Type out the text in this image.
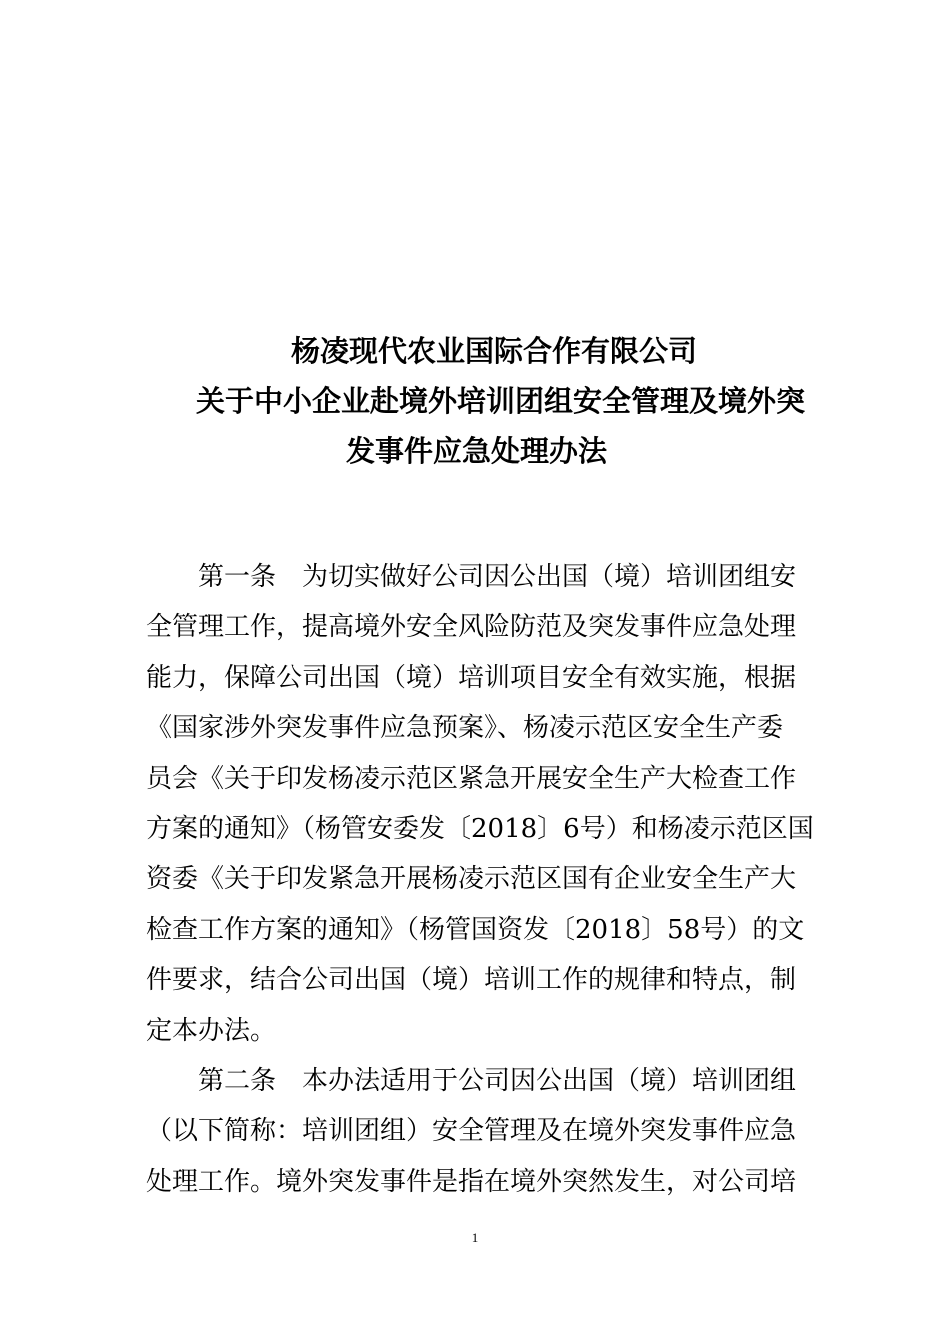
杨凌现代农业国际合作有限公司
关于中小企业赴境外培训团组安全管理及境外突
发事件应急处理办法
第一条　为切实做好公司因公出国（境）培训团组安
全管理工作，提高境外安全风险防范及突发事件应急处理
能力，保障公司出国（境）培训项目安全有效实施，根据
《国家涉外突发事件应急预案》、杨凌示范区安全生产委
员会《关于印发杨凌示范区紧急开展安全生产大检查工作
方案的通知》（杨管安委发〔2018〕6号）和杨凌示范区国
资委《关于印发紧急开展杨凌示范区国有企业安全生产大
检查工作方案的通知》（杨管国资发〔2018〕58号）的文
件要求，结合公司出国（境）培训工作的规律和特点，制
定本办法。
第二条　本办法适用于公司因公出国（境）培训团组
（以下简称：培训团组）安全管理及在境外突发事件应急
处理工作。境外突发事件是指在境外突然发生，对公司培
1
